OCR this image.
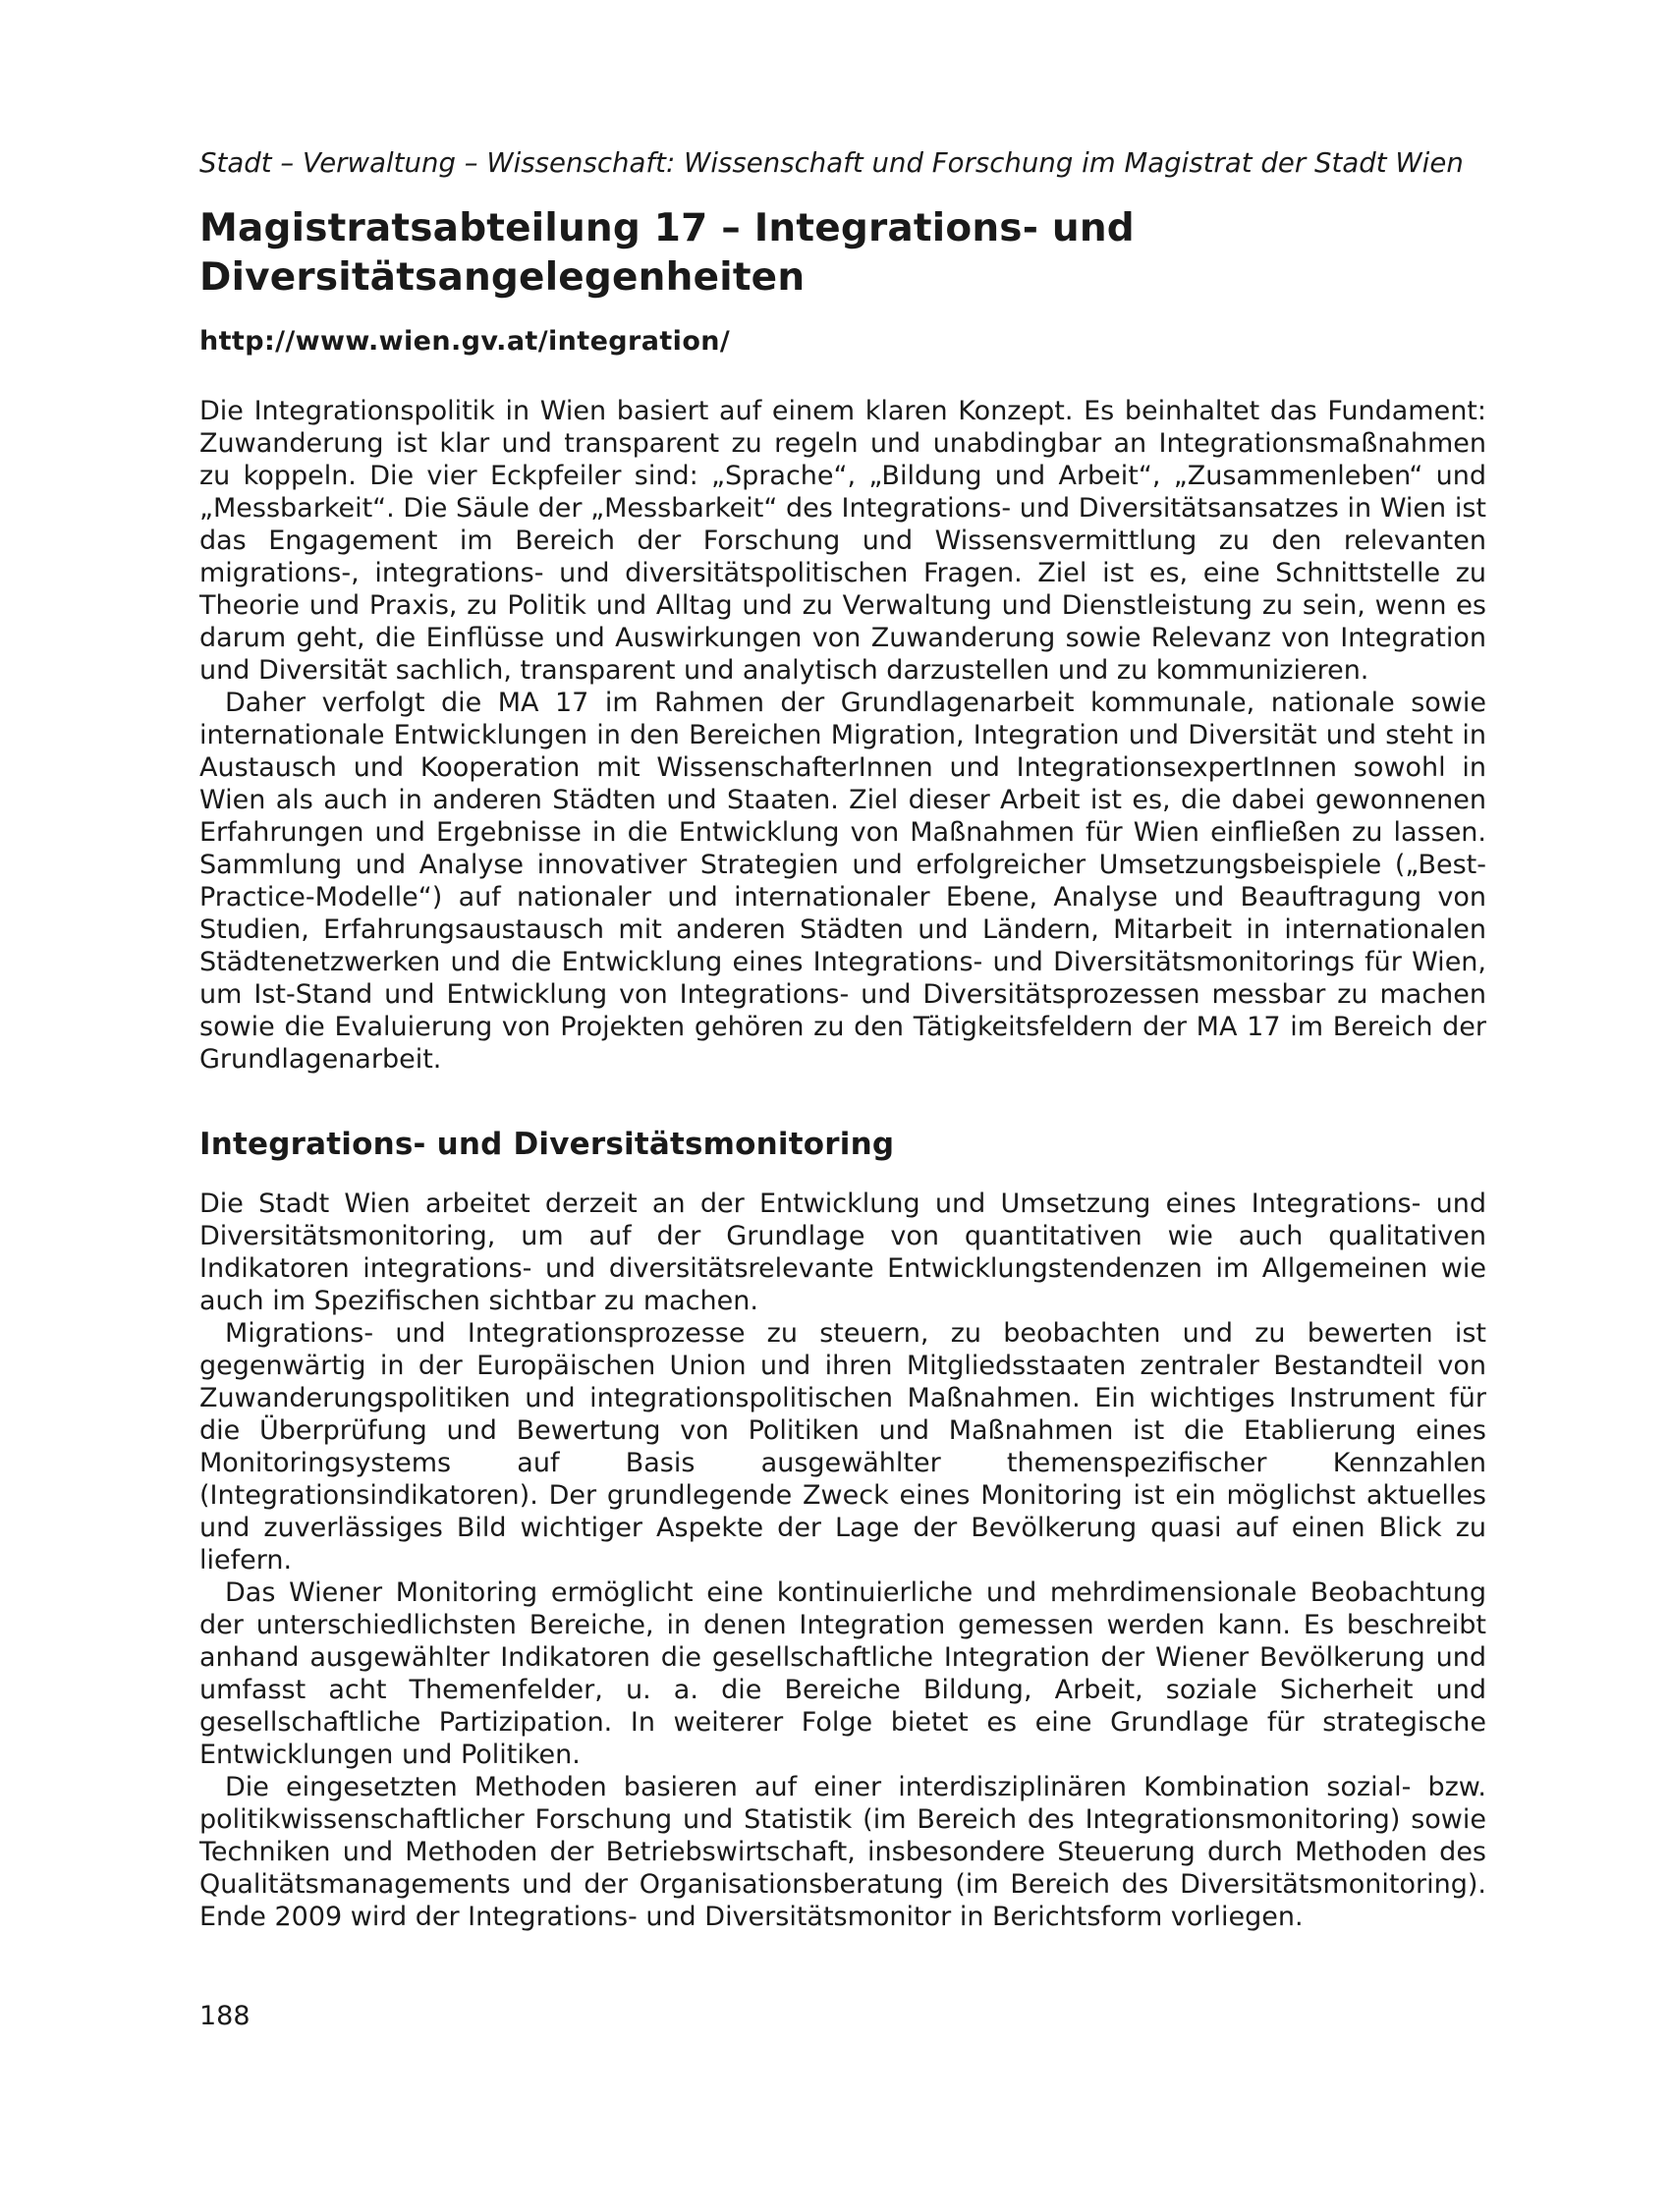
Stadt – Verwaltung – Wissenschaft: Wissenschaft und Forschung im Magistrat der Stadt Wien
Magistratsabteilung 17 – Integrations- und
Diversitätsangelegenheiten
http://www.wien.gv.at/integration/

Die Integrationspolitik in Wien basiert auf einem klaren Konzept. Es beinhaltet das Fundament: Zuwanderung ist klar und transparent zu regeln und unabdingbar an Integrationsmaßnahmen zu koppeln. Die vier Eckpfeiler sind: „Sprache“, „Bildung und Arbeit“, „Zusammenleben“ und „Messbarkeit“. Die Säule der „Messbarkeit“ des Integrations- und Diversitätsansatzes in Wien ist das Engagement im Bereich der Forschung und Wissensvermittlung zu den relevanten migrations-, integrations- und diversitätspolitischen Fragen. Ziel ist es, eine Schnittstelle zu Theorie und Praxis, zu Politik und Alltag und zu Verwaltung und Dienstleistung zu sein, wenn es darum geht, die Einflüsse und Auswirkungen von Zuwanderung sowie Relevanz von Integration und Diversität sachlich, transparent und analytisch darzustellen und zu kommunizieren.

Daher verfolgt die MA 17 im Rahmen der Grundlagenarbeit kommunale, nationale sowie internationale Entwicklungen in den Bereichen Migration, Integration und Diversität und steht in Austausch und Kooperation mit WissenschafterInnen und IntegrationsexpertInnen sowohl in Wien als auch in anderen Städten und Staaten. Ziel dieser Arbeit ist es, die dabei gewonnenen Erfahrungen und Ergebnisse in die Entwicklung von Maßnahmen für Wien einfließen zu lassen. Sammlung und Analyse innovativer Strategien und erfolgreicher Umsetzungsbeispiele („Best-Practice-Modelle“) auf nationaler und internationaler Ebene, Analyse und Beauftragung von Studien, Erfahrungsaustausch mit anderen Städten und Ländern, Mitarbeit in internationalen Städtenetzwerken und die Entwicklung eines Integrations- und Diversitätsmonitorings für Wien, um Ist-Stand und Entwicklung von Integrations- und Diversitätsprozessen messbar zu machen sowie die Evaluierung von Projekten gehören zu den Tätigkeitsfeldern der MA 17 im Bereich der Grundlagenarbeit.

Integrations- und Diversitätsmonitoring

Die Stadt Wien arbeitet derzeit an der Entwicklung und Umsetzung eines Integrations- und Diversitätsmonitoring, um auf der Grundlage von quantitativen wie auch qualitativen Indikatoren integrations- und diversitätsrelevante Entwicklungstendenzen im Allgemeinen wie auch im Spezifischen sichtbar zu machen.

Migrations- und Integrationsprozesse zu steuern, zu beobachten und zu bewerten ist gegenwärtig in der Europäischen Union und ihren Mitgliedsstaaten zentraler Bestandteil von Zuwanderungspolitiken und integrationspolitischen Maßnahmen. Ein wichtiges Instrument für die Überprüfung und Bewertung von Politiken und Maßnahmen ist die Etablierung eines Monitoringsystems auf Basis ausgewählter themenspezifischer Kennzahlen (Integrationsindikatoren). Der grundlegende Zweck eines Monitoring ist ein möglichst aktuelles und zuverlässiges Bild wichtiger Aspekte der Lage der Bevölkerung quasi auf einen Blick zu liefern.

Das Wiener Monitoring ermöglicht eine kontinuierliche und mehrdimensionale Beobachtung der unterschiedlichsten Bereiche, in denen Integration gemessen werden kann. Es beschreibt anhand ausgewählter Indikatoren die gesellschaftliche Integration der Wiener Bevölkerung und umfasst acht Themenfelder, u. a. die Bereiche Bildung, Arbeit, soziale Sicherheit und gesellschaftliche Partizipation. In weiterer Folge bietet es eine Grundlage für strategische Entwicklungen und Politiken.

Die eingesetzten Methoden basieren auf einer interdisziplinären Kombination sozial- bzw. politikwissenschaftlicher Forschung und Statistik (im Bereich des Integrationsmonitoring) sowie Techniken und Methoden der Betriebswirtschaft, insbesondere Steuerung durch Methoden des Qualitätsmanagements und der Organisationsberatung (im Bereich des Diversitätsmonitoring). Ende 2009 wird der Integrations- und Diversitätsmonitor in Berichtsform vorliegen.

188
